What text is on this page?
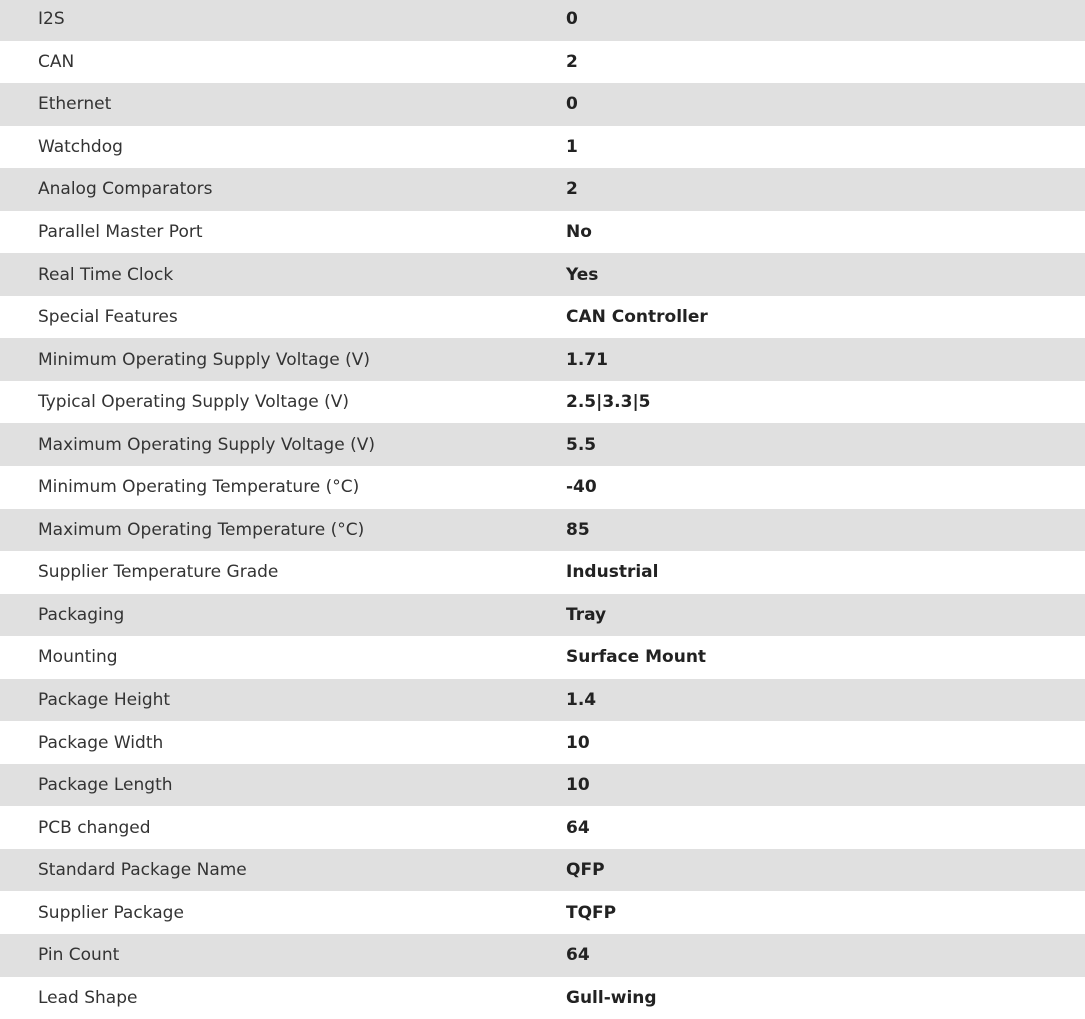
I2S	0
CAN	2
Ethernet	0
Watchdog	1
Analog Comparators	2
Parallel Master Port	No
Real Time Clock	Yes
Special Features	CAN Controller
Minimum Operating Supply Voltage (V)	1.71
Typical Operating Supply Voltage (V)	2.5|3.3|5
Maximum Operating Supply Voltage (V)	5.5
Minimum Operating Temperature (°C)	-40
Maximum Operating Temperature (°C)	85
Supplier Temperature Grade	Industrial
Packaging	Tray
Mounting	Surface Mount
Package Height	1.4
Package Width	10
Package Length	10
PCB changed	64
Standard Package Name	QFP
Supplier Package	TQFP
Pin Count	64
Lead Shape	Gull-wing
